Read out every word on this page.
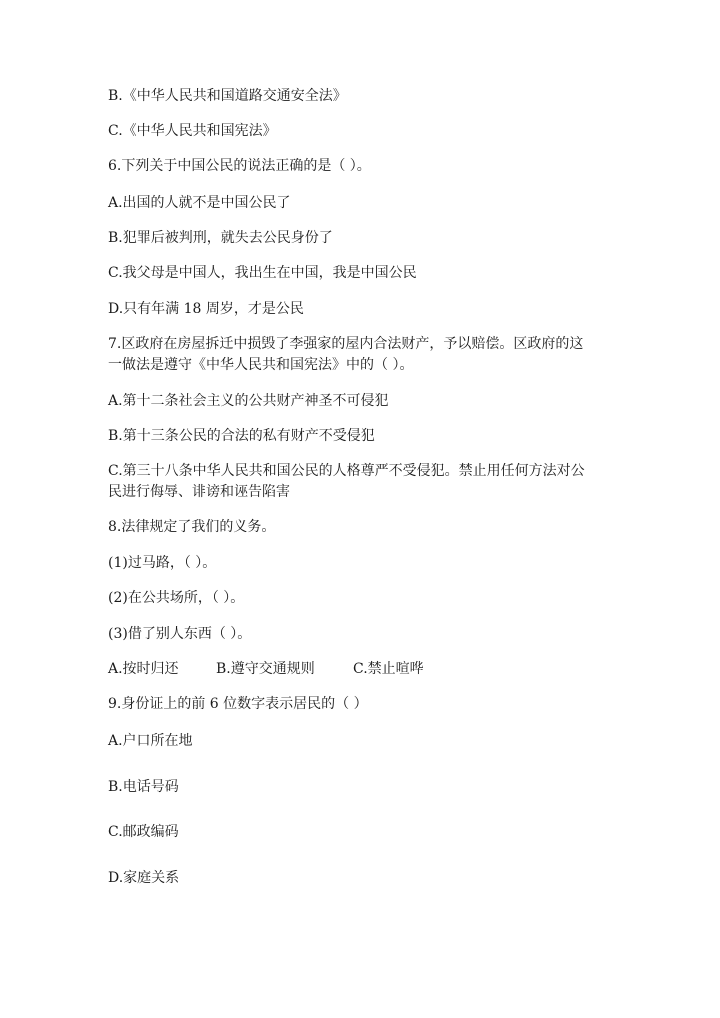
B.《中华人民共和国道路交通安全法》
C.《中华人民共和国宪法》
6.下列关于中国公民的说法正确的是（ ）。
A.出国的人就不是中国公民了
B.犯罪后被判刑，就失去公民身份了
C.我父母是中国人，我出生在中国，我是中国公民
D.只有年满 18 周岁，才是公民
7.区政府在房屋拆迁中损毁了李强家的屋内合法财产，予以赔偿。区政府的这
一做法是遵守《中华人民共和国宪法》中的（ ）。
A.第十二条社会主义的公共财产神圣不可侵犯
B.第十三条公民的合法的私有财产不受侵犯
C.第三十八条中华人民共和国公民的人格尊严不受侵犯。禁止用任何方法对公
民进行侮辱、诽谤和诬告陷害
8.法律规定了我们的义务。
(1)过马路，（ ）。
(2)在公共场所，（ ）。
(3)借了别人东西（ ）。
A.按时归还	B.遵守交通规则	C.禁止喧哗
9.身份证上的前 6 位数字表示居民的（ ）
A.户口所在地
B.电话号码
C.邮政编码
D.家庭关系
